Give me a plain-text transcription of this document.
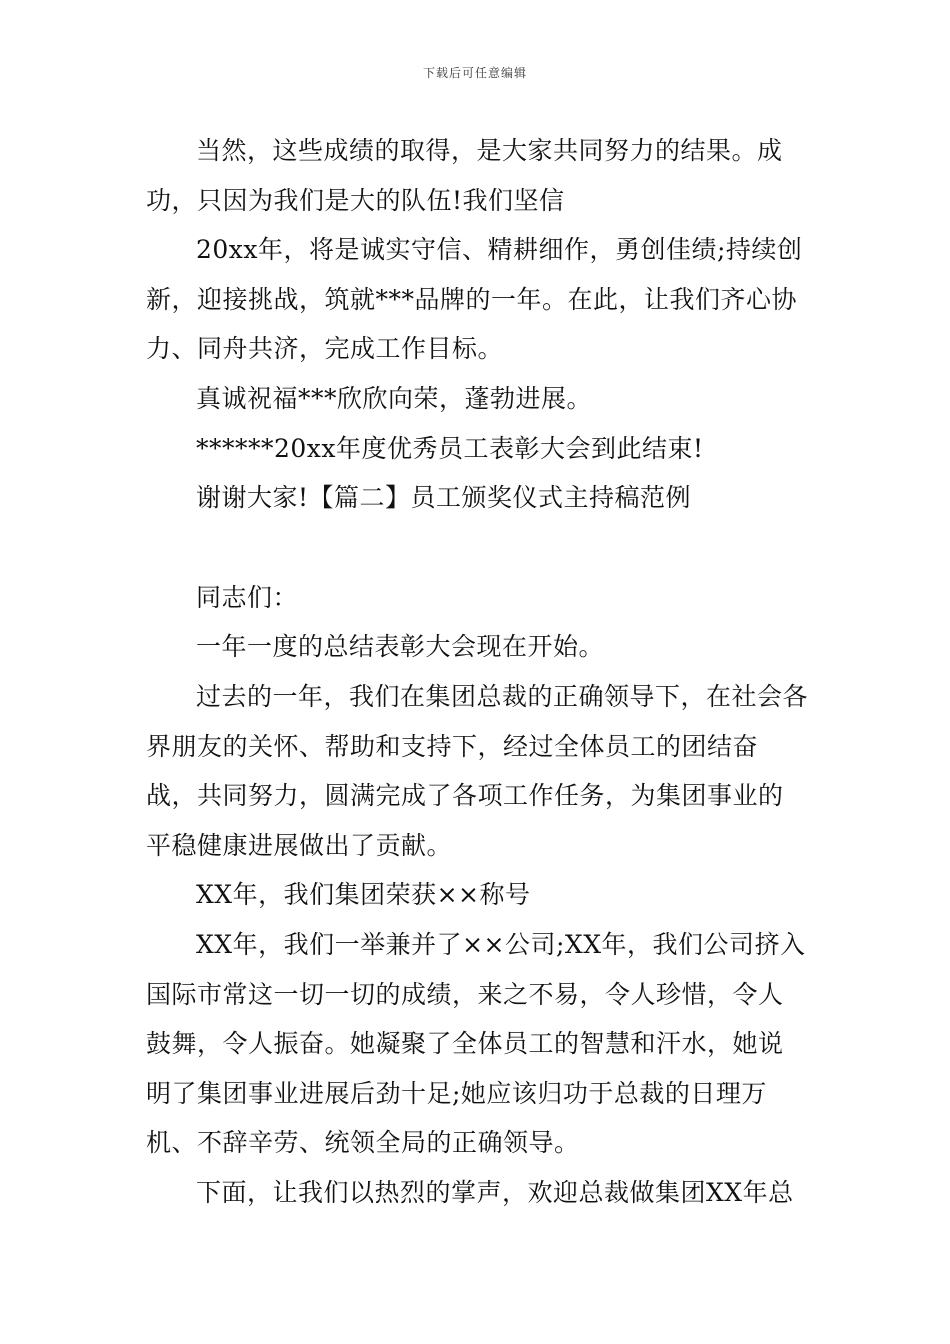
下载后可任意编辑

当然，这些成绩的取得，是大家共同努力的结果。成功，只因为我们是大的队伍!我们坚信

20xx年，将是诚实守信、精耕细作，勇创佳绩;持续创新，迎接挑战，筑就***品牌的一年。在此，让我们齐心协力、同舟共济，完成工作目标。

真诚祝福***欣欣向荣，蓬勃进展。

******20xx年度优秀员工表彰大会到此结束!

谢谢大家!【篇二】员工颁奖仪式主持稿范例

同志们：

一年一度的总结表彰大会现在开始。

过去的一年，我们在集团总裁的正确领导下，在社会各界朋友的关怀、帮助和支持下，经过全体员工的团结奋战，共同努力，圆满完成了各项工作任务，为集团事业的平稳健康进展做出了贡献。

XX年，我们集团荣获××称号

XX年，我们一举兼并了××公司;XX年，我们公司挤入国际市常这一切一切的成绩，来之不易，令人珍惜，令人鼓舞，令人振奋。她凝聚了全体员工的智慧和汗水，她说明了集团事业进展后劲十足;她应该归功于总裁的日理万机、不辞辛劳、统领全局的正确领导。

下面，让我们以热烈的掌声，欢迎总裁做集团XX年总
